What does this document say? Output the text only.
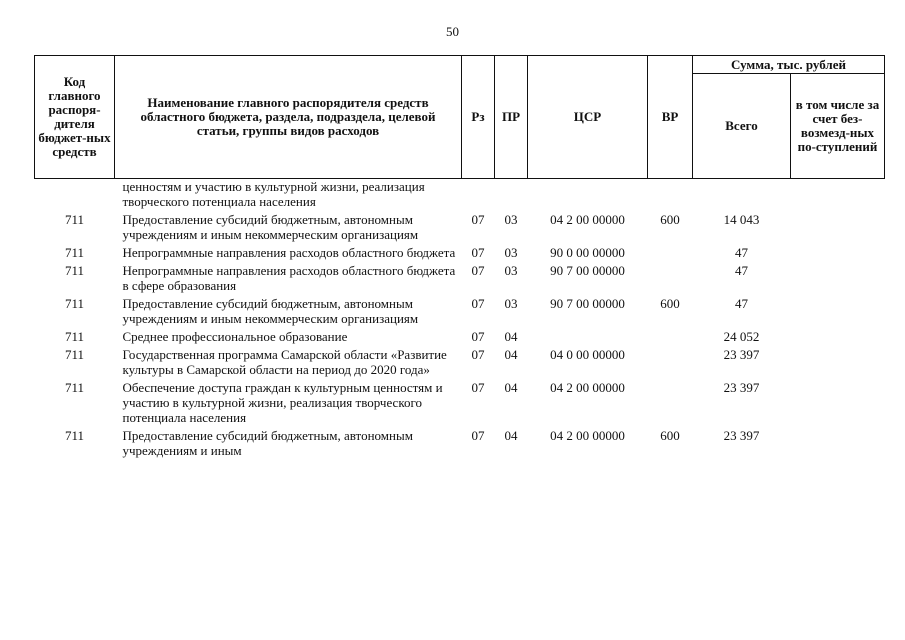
50
Код главного распоря-дителя бюджет-ных средств	Наименование главного распорядителя средств областного бюджета, раздела, подраздела, целевой статьи, группы видов расходов	Рз	ПР	ЦСР	ВР	Сумма, тыс. рублей	
						Всего	в том числе за счет без-возмезд-ных по-ступлений
	ценностям и участию в культурной жизни, реализация творческого потенциала населения						
711	Предоставление субсидий бюджетным, автономным учреждениям и иным некоммерческим организациям	07	03	04 2 00 00000	600	14 043	
711	Непрограммные направления расходов областного бюджета	07	03	90 0 00 00000		47	
711	Непрограммные направления расходов областного бюджета в сфере образования	07	03	90 7 00 00000		47	
711	Предоставление субсидий бюджетным, автономным учреждениям и иным некоммерческим организациям	07	03	90 7 00 00000	600	47	
711	Среднее профессиональное образование	07	04			24 052	
711	Государственная программа Самарской области «Развитие культуры в Самарской области на период до 2020 года»	07	04	04 0 00 00000		23 397	
711	Обеспечение доступа граждан к культурным ценностям и участию в культурной жизни, реализация творческого потенциала населения	07	04	04 2 00 00000		23 397	
711	Предоставление субсидий бюджетным, автономным учреждениям и иным	07	04	04 2 00 00000	600	23 397	
